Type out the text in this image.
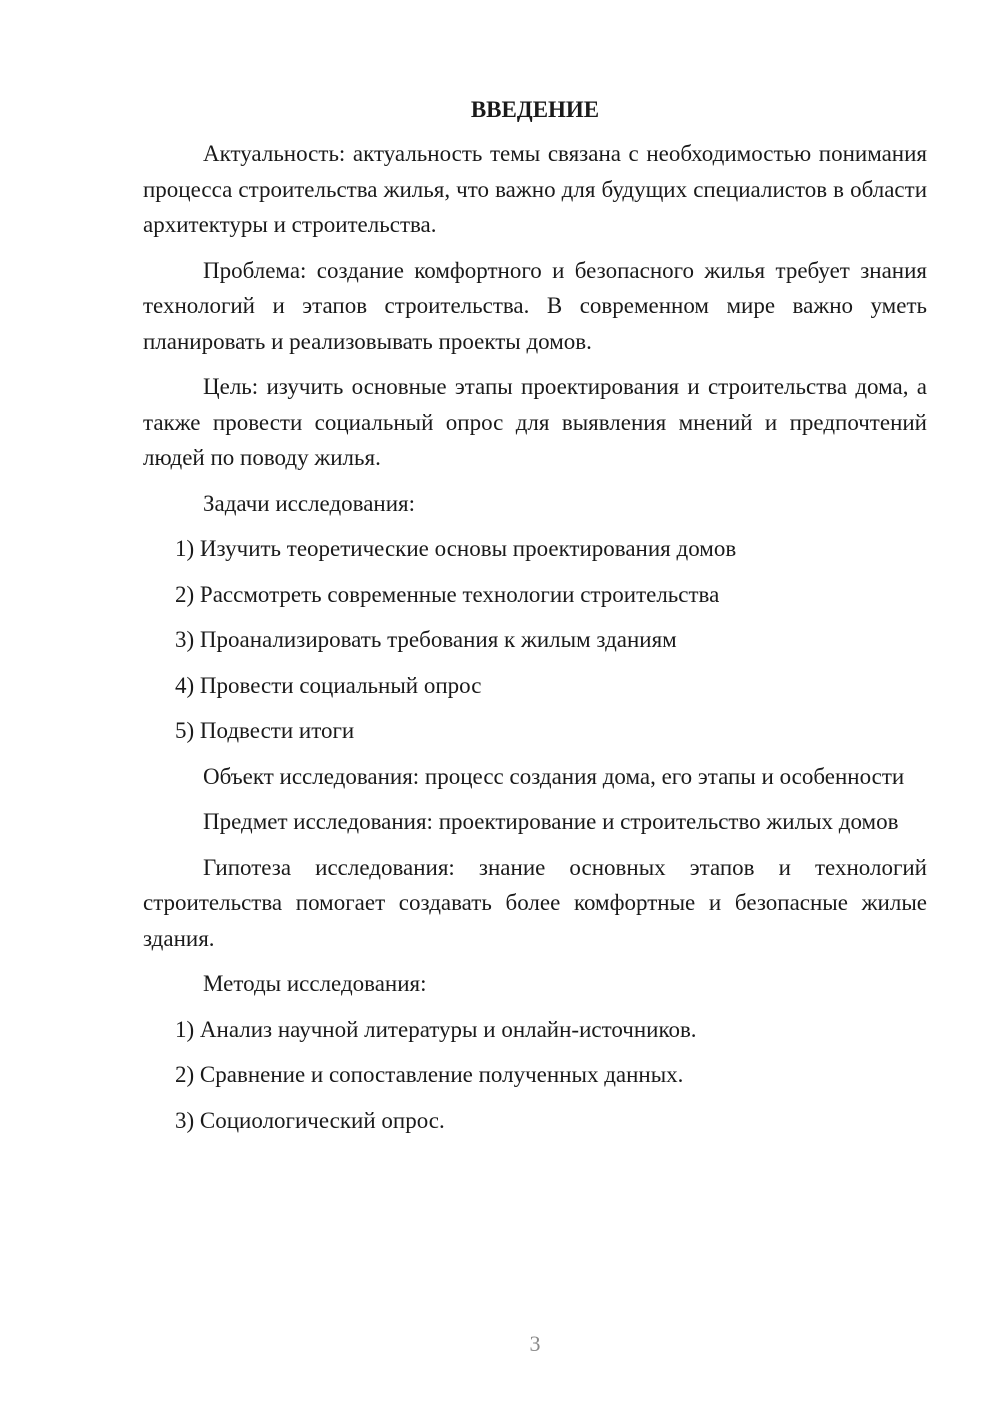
ВВЕДЕНИЕ

Актуальность: актуальность темы связана с необходимостью понимания процесса строительства жилья, что важно для будущих специалистов в области архитектуры и строительства.

Проблема: создание комфортного и безопасного жилья требует знания технологий и этапов строительства. В современном мире важно уметь планировать и реализовывать проекты домов.

Цель: изучить основные этапы проектирования и строительства дома, а также провести социальный опрос для выявления мнений и предпочтений людей по поводу жилья.

Задачи исследования:

1) Изучить теоретические основы проектирования домов
2) Рассмотреть современные технологии строительства
3) Проанализировать требования к жилым зданиям
4) Провести социальный опрос
5) Подвести итоги

Объект исследования: процесс создания дома, его этапы и особенности

Предмет исследования: проектирование и строительство жилых домов

Гипотеза исследования: знание основных этапов и технологий строительства помогает создавать более комфортные и безопасные жилые здания.

Методы исследования:

1) Анализ научной литературы и онлайн-источников.
2) Сравнение и сопоставление полученных данных.
3) Социологический опрос.
3
